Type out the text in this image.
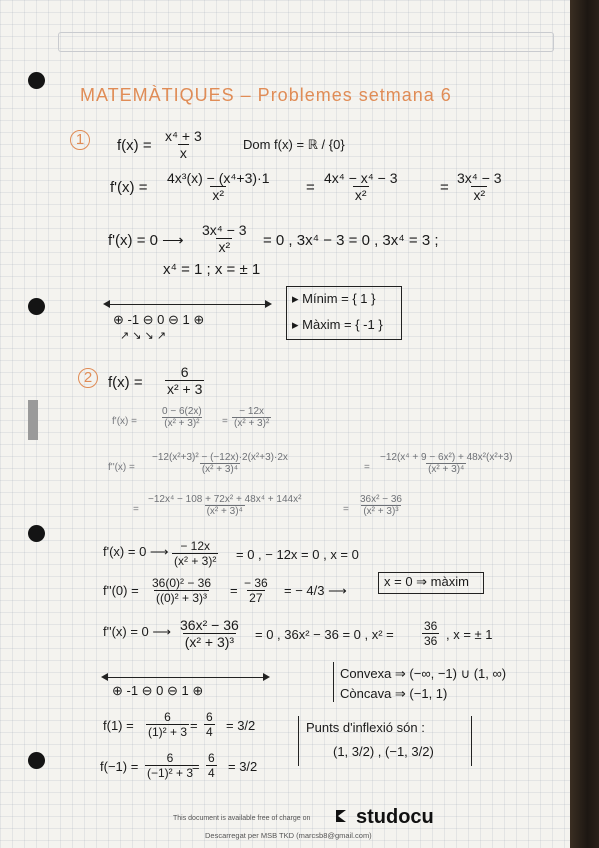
MATEMÀTIQUES – Problemes setmana 6
1	$f(x) = \frac{\text{x⁴ + 3}}{x}$	Dom f(x) = ℝ / {0}
$f'(x) = \frac{\text{4x³(x) − (x⁴+3)·1}}{\text{x²}} = \frac{\text{4x⁴ − x⁴ − 3}}{\text{x²}}$	= $\frac{\text{3x⁴ − 3}}{\text{x²}}$
f'(x) = 0 ⟶ $\frac{\text{3x⁴ − 3}}{\text{x²}} = 0$ , 3x⁴ − 3 = 0 , 3x⁴ = 3 ;
x⁴ = 1 ; x = ± 1
⊕ -1 ⊖ 0 ⊖ 1 ⊕
↗ ↘ ↘ ↗
▸ Mínim = { 1 }
▸ Màxim = { -1 }
2	$f(x) = \frac{6}{\text{x² + 3}}$
$f'(x) = \frac{0 - 6(2x)}{\text{(x² + 3)²}} = \frac{- 12x}{\text{(x² + 3)²}}$
$f''(x) = \frac{\text{−12(x²+3)² − (−12x)·2(x²+3)·2x}}{\text{(x² + 3)⁴}}$	= $\frac{\text{−12(x⁴ + 9 − 6x²) + 48x²(x²+3)}}{\text{(x² + 3)⁴}}$
= $\frac{\text{−12x⁴ − 108 + 72x² + 48x⁴ + 144x²}}{\text{(x² + 3)⁴}}$	= $\frac{\text{36x² − 36}}{\text{(x² + 3)³}}$
f'(x) = 0 ⟶ $\frac{- 12x}{\text{(x² + 3)²}} = 0$ , − 12x = 0 , x = 0
$f''(0) = \frac{\text{36(0)² − 36}}{\text{((0)² + 3)³}} = \frac{- 36}{27}$ = − 4/3 ⟶
x = 0 ⇒ màxim
f''(x) = 0 ⟶ $\frac{\text{36x² − 36}}{\text{(x² + 3)³}} = 0$ , 36x² − 36 = 0 , $x^2 = \frac{36}{36}$ , x = ± 1
Convexa ⇒ (−∞, −1) ∪ (1, ∞)
Còncava ⇒ (−1, 1)
⊕ -1 ⊖ 0 ⊖ 1 ⊕
$f(1) = \frac{6}{\text{(1)² + 3}} = \frac{6}{4} = 3/2$
$f(-1) = \frac{6}{\text{(−1)² + 3}}$
= $\frac{6}{4} = 3/2$
Punts d'inflexió són :
(1, 3/2) , (−1, 3/2)
This document is available free of charge on studocu
Descarregat per MSB TKD (marcsb8@gmail.com)
